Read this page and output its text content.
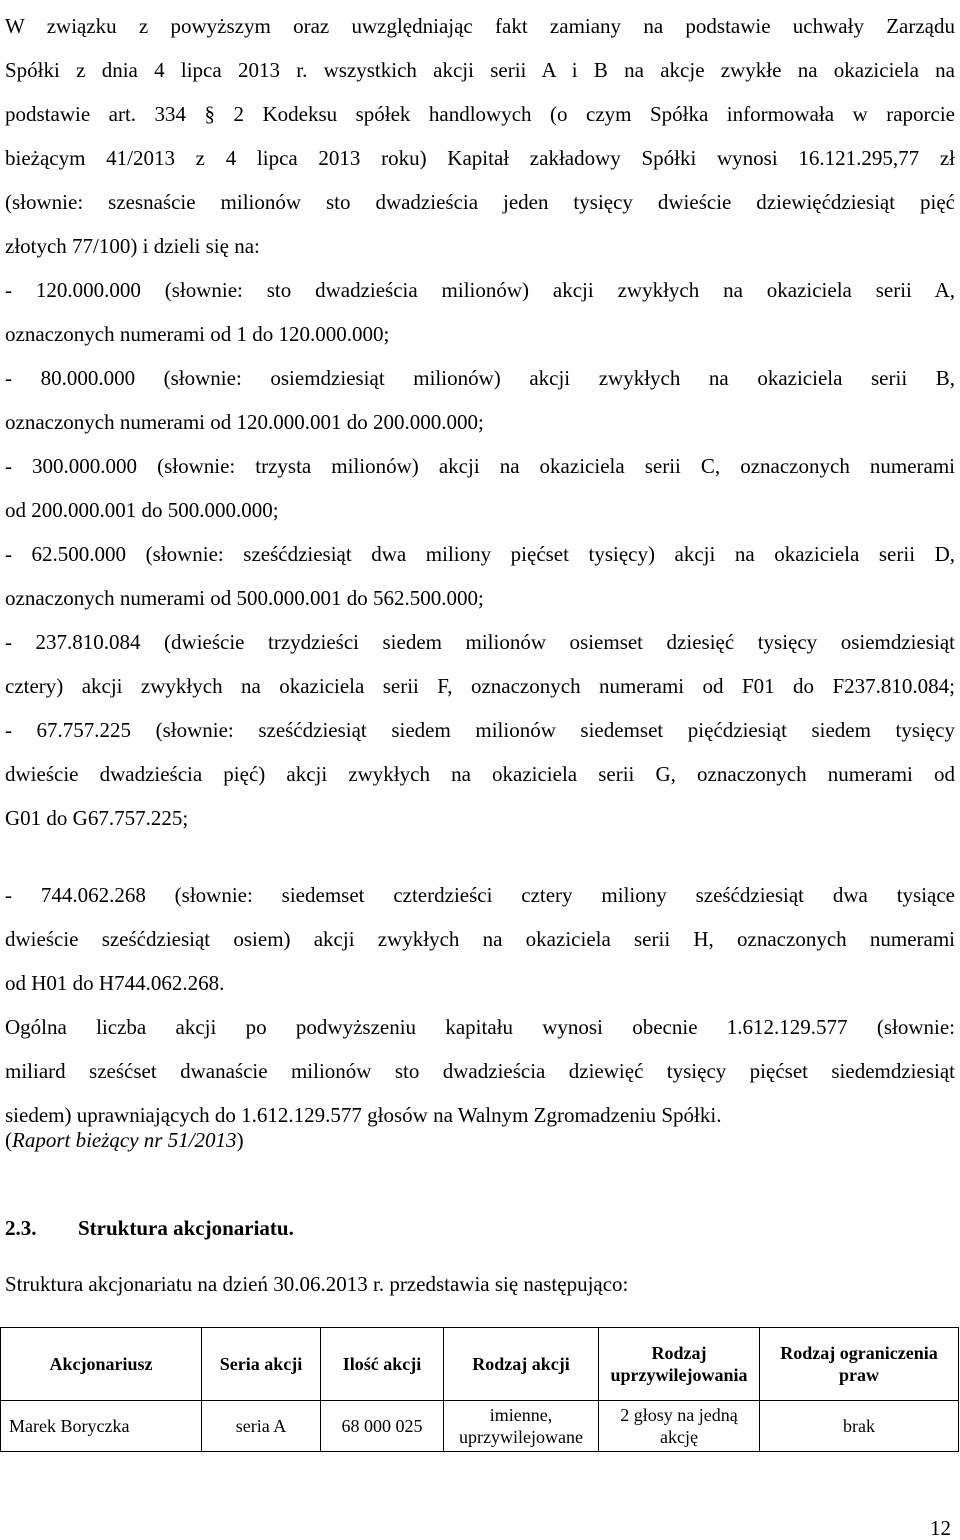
W związku z powyższym oraz uwzględniając fakt zamiany na podstawie uchwały Zarządu
Spółki z dnia 4 lipca 2013 r. wszystkich akcji serii A i B na akcje zwykłe na okaziciela na
podstawie art. 334 § 2 Kodeksu spółek handlowych (o czym Spółka informowała w raporcie
bieżącym 41/2013 z 4 lipca 2013 roku) Kapitał zakładowy Spółki wynosi 16.121.295,77 zł
(słownie: szesnaście milionów sto dwadzieścia jeden tysięcy dwieście dziewięćdziesiąt pięć
złotych 77/100) i dzieli się na:
- 120.000.000 (słownie: sto dwadzieścia milionów) akcji zwykłych na okaziciela serii A,
oznaczonych numerami od 1 do 120.000.000;
- 80.000.000 (słownie: osiemdziesiąt milionów) akcji zwykłych na okaziciela serii B,
oznaczonych numerami od 120.000.001 do 200.000.000;
- 300.000.000 (słownie: trzysta milionów) akcji na okaziciela serii C, oznaczonych numerami
od 200.000.001 do 500.000.000;
- 62.500.000 (słownie: sześćdziesiąt dwa miliony pięćset tysięcy) akcji na okaziciela serii D,
oznaczonych numerami od 500.000.001 do 562.500.000;
- 237.810.084 (dwieście trzydzieści siedem milionów osiemset dziesięć tysięcy osiemdziesiąt
cztery) akcji zwykłych na okaziciela serii F, oznaczonych numerami od F01 do F237.810.084;
- 67.757.225 (słownie: sześćdziesiąt siedem milionów siedemset pięćdziesiąt siedem tysięcy
dwieście dwadzieścia pięć) akcji zwykłych na okaziciela serii G, oznaczonych numerami od
G01 do G67.757.225;
- 744.062.268 (słownie: siedemset czterdzieści cztery miliony sześćdziesiąt dwa tysiące
dwieście sześćdziesiąt osiem) akcji zwykłych na okaziciela serii H, oznaczonych numerami
od H01 do H744.062.268.
Ogólna liczba akcji po podwyższeniu kapitału wynosi obecnie 1.612.129.577 (słownie:
miliard sześćset dwanaście milionów sto dwadzieścia dziewięć tysięcy pięćset siedemdziesiąt
siedem) uprawniających do 1.612.129.577 głosów na Walnym Zgromadzeniu Spółki.
(Raport bieżący nr 51/2013)
2.3. Struktura akcjonariatu.
Struktura akcjonariatu na dzień 30.06.2013 r. przedstawia się następująco:
Akcjonariusz	Seria akcji	Ilość akcji	Rodzaj akcji	Rodzaj uprzywilejowania	Rodzaj ograniczenia praw
Marek Boryczka	seria A	68 000 025	imienne, uprzywilejowane	2 głosy na jedną akcję	brak
12
